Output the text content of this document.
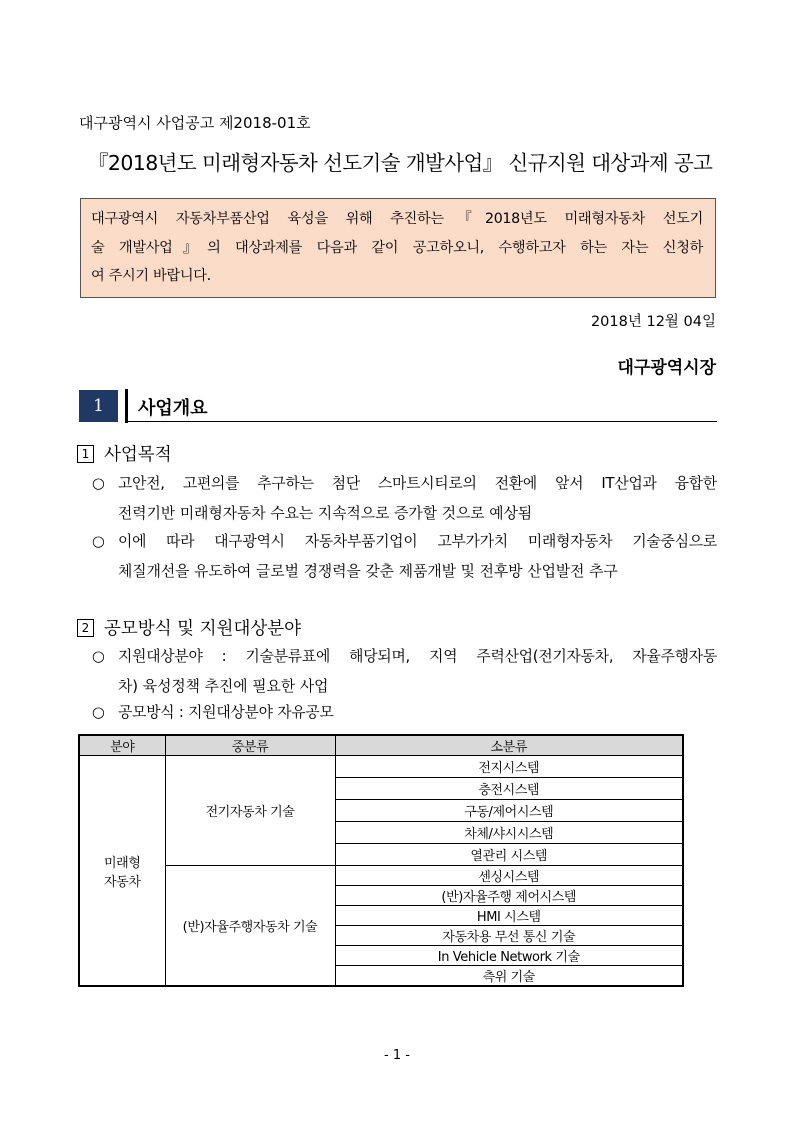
대구광역시 사업공고 제2018-01호
『2018년도 미래형자동차 선도기술 개발사업』 신규지원 대상과제 공고
대구광역시 자동차부품산업 육성을 위해 추진하는『2018년도 미래형자동차 선도기
술 개발사업』의 대상과제를 다음과 같이 공고하오니, 수행하고자 하는 자는 신청하
여 주시기 바랍니다.
2018년 12월 04일
대구광역시장
1	사업개요
1 사업목적
○ 고안전, 고편의를 추구하는 첨단 스마트시티로의 전환에 앞서 IT산업과 융합한
전력기반 미래형자동차 수요는 지속적으로 증가할 것으로 예상됨
○ 이에 따라 대구광역시 자동차부품기업이 고부가가치 미래형자동차 기술중심으로
체질개선을 유도하여 글로벌 경쟁력을 갖춘 제품개발 및 전후방 산업발전 추구
2 공모방식 및 지원대상분야
○ 지원대상분야 : 기술분류표에 해당되며, 지역 주력산업(전기자동차, 자율주행자동
차) 육성정책 추진에 필요한 사업
○ 공모방식 : 지원대상분야 자유공모
분야	중분류	소분류

미래형
자동차	전기자동차 기술	전지시스템
		충전시스템
		구동/제어시스템
		차체/샤시시스템
		열관리 시스템
	(반)자율주행자동차 기술	센싱시스템
		(반)자율주행 제어시스템
		HMI 시스템
		자동차용 무선 통신 기술
		In Vehicle Network 기술
		측위 기술
- 1 -
